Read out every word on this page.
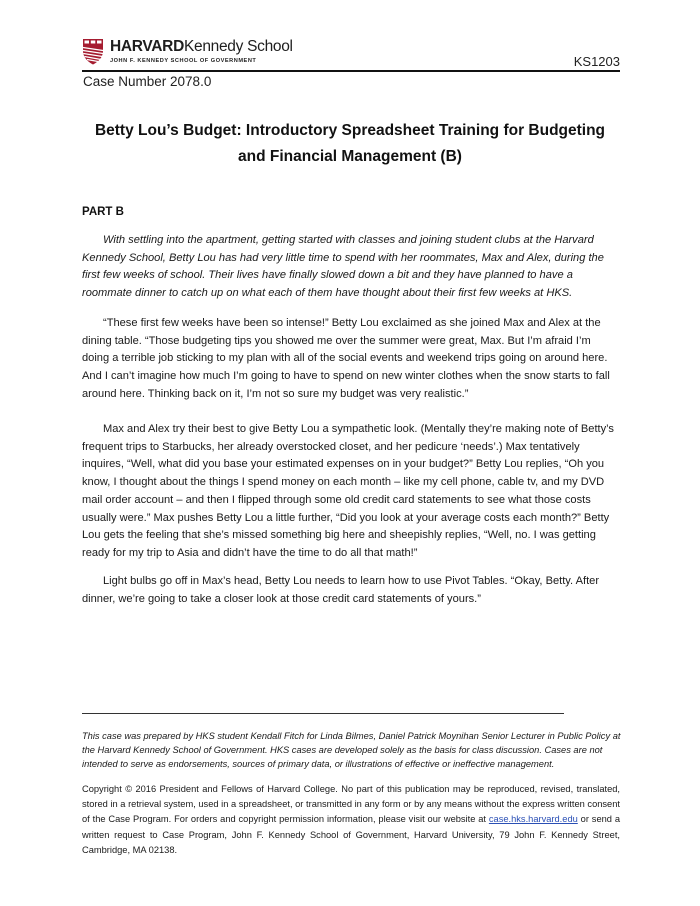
HARVARDKennedy School
JOHN F. KENNEDY SCHOOL OF GOVERNMENT	KS1203
Case Number 2078.0
Betty Lou’s Budget: Introductory Spreadsheet Training for Budgeting and Financial Management (B)
PART B

With settling into the apartment, getting started with classes and joining student clubs at the Harvard Kennedy School, Betty Lou has had very little time to spend with her roommates, Max and Alex, during the first few weeks of school. Their lives have finally slowed down a bit and they have planned to have a roommate dinner to catch up on what each of them have thought about their first few weeks at HKS.

“These first few weeks have been so intense!” Betty Lou exclaimed as she joined Max and Alex at the dining table. “Those budgeting tips you showed me over the summer were great, Max. But I’m afraid I’m doing a terrible job sticking to my plan with all of the social events and weekend trips going on around here. And I can’t imagine how much I’m going to have to spend on new winter clothes when the snow starts to fall around here. Thinking back on it, I’m not so sure my budget was very realistic.”

Max and Alex try their best to give Betty Lou a sympathetic look. (Mentally they’re making note of Betty’s frequent trips to Starbucks, her already overstocked closet, and her pedicure ‘needs’.) Max tentatively inquires, “Well, what did you base your estimated expenses on in your budget?” Betty Lou replies, “Oh you know, I thought about the things I spend money on each month – like my cell phone, cable tv, and my DVD mail order account – and then I flipped through some old credit card statements to see what those costs usually were.” Max pushes Betty Lou a little further, “Did you look at your average costs each month?” Betty Lou gets the feeling that she’s missed something big here and sheepishly replies, “Well, no. I was getting ready for my trip to Asia and didn’t have the time to do all that math!”

Light bulbs go off in Max’s head, Betty Lou needs to learn how to use Pivot Tables. “Okay, Betty. After dinner, we’re going to take a closer look at those credit card statements of yours.”

This case was prepared by HKS student Kendall Fitch for Linda Bilmes, Daniel Patrick Moynihan Senior Lecturer in Public Policy at the Harvard Kennedy School of Government. HKS cases are developed solely as the basis for class discussion. Cases are not intended to serve as endorsements, sources of primary data, or illustrations of effective or ineffective management.
Copyright © 2016 President and Fellows of Harvard College. No part of this publication may be reproduced, revised, translated, stored in a retrieval system, used in a spreadsheet, or transmitted in any form or by any means without the express written consent of the Case Program. For orders and copyright permission information, please visit our website at case.hks.harvard.edu or send a written request to Case Program, John F. Kennedy School of Government, Harvard University, 79 John F. Kennedy Street, Cambridge, MA 02138.
